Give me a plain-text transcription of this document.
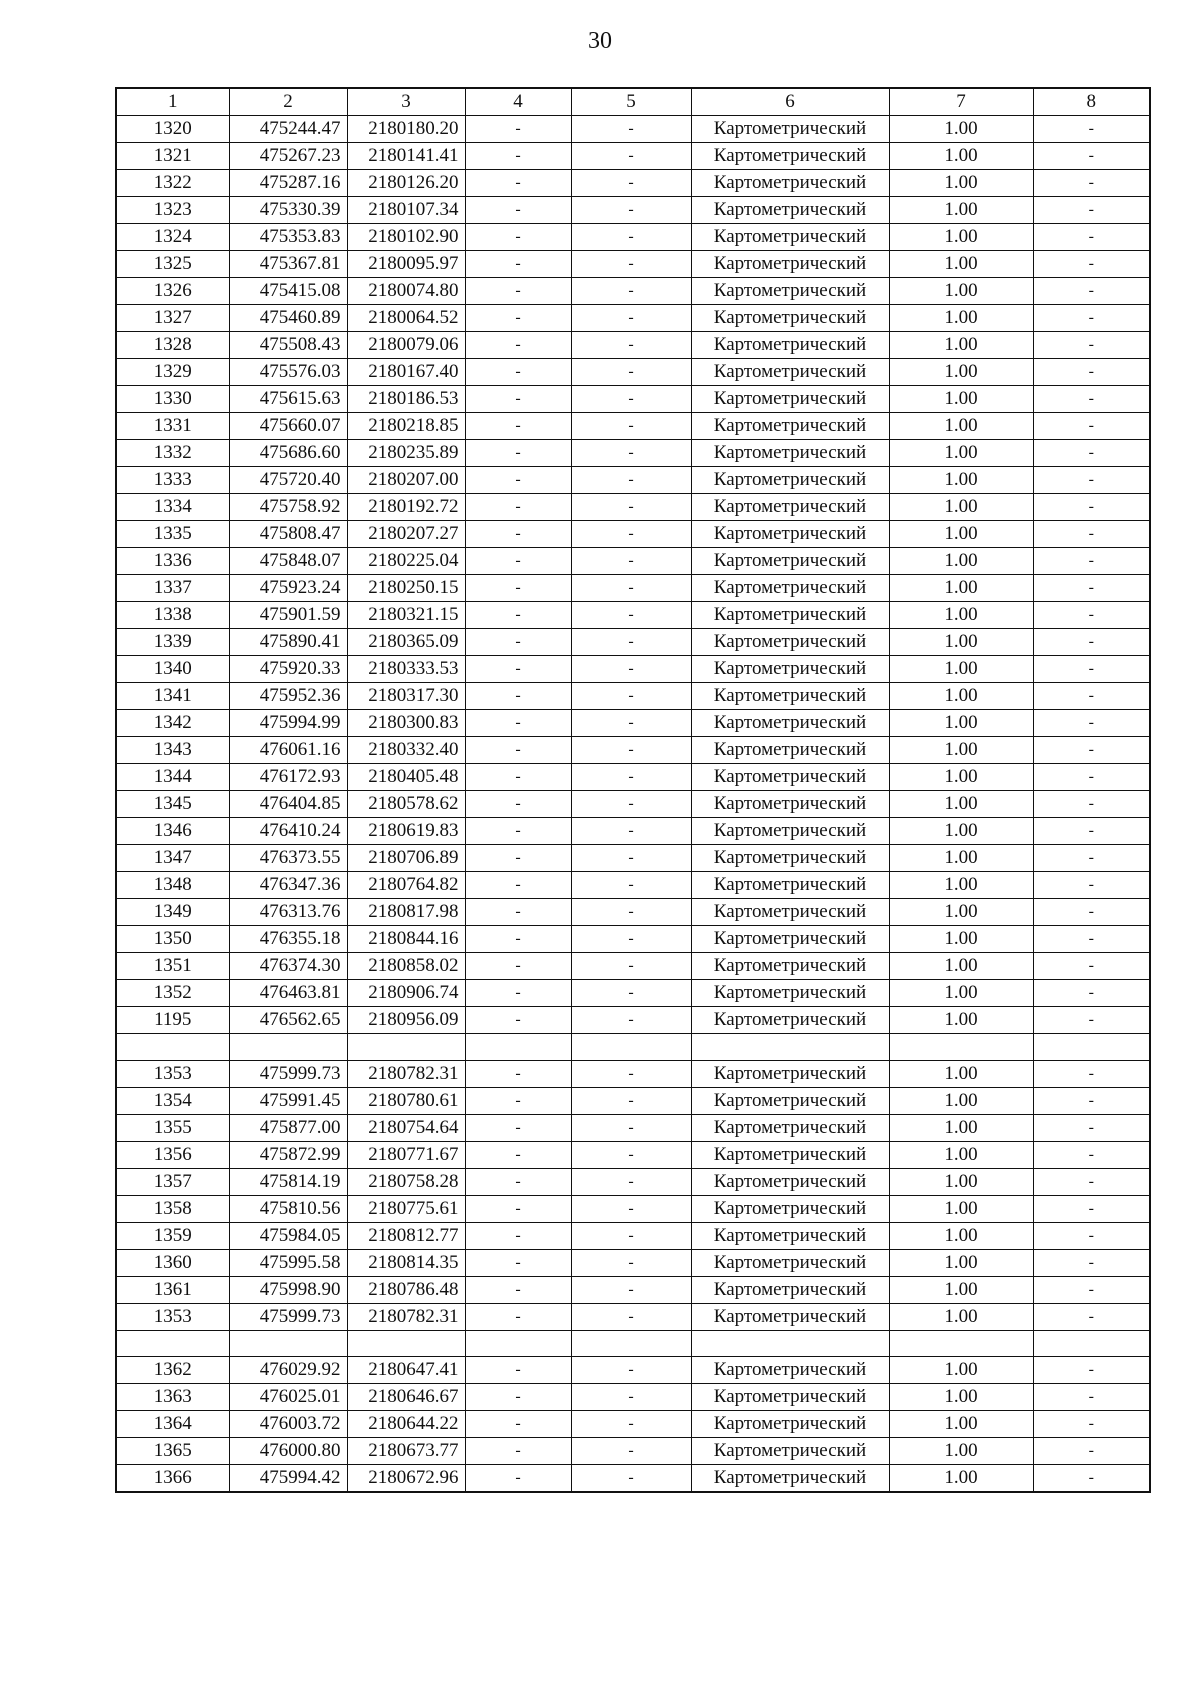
30
1	2	3	4	5	6	7	8
1320	475244.47	2180180.20	-	-	Картометрический	1.00	-
1321	475267.23	2180141.41	-	-	Картометрический	1.00	-
1322	475287.16	2180126.20	-	-	Картометрический	1.00	-
1323	475330.39	2180107.34	-	-	Картометрический	1.00	-
1324	475353.83	2180102.90	-	-	Картометрический	1.00	-
1325	475367.81	2180095.97	-	-	Картометрический	1.00	-
1326	475415.08	2180074.80	-	-	Картометрический	1.00	-
1327	475460.89	2180064.52	-	-	Картометрический	1.00	-
1328	475508.43	2180079.06	-	-	Картометрический	1.00	-
1329	475576.03	2180167.40	-	-	Картометрический	1.00	-
1330	475615.63	2180186.53	-	-	Картометрический	1.00	-
1331	475660.07	2180218.85	-	-	Картометрический	1.00	-
1332	475686.60	2180235.89	-	-	Картометрический	1.00	-
1333	475720.40	2180207.00	-	-	Картометрический	1.00	-
1334	475758.92	2180192.72	-	-	Картометрический	1.00	-
1335	475808.47	2180207.27	-	-	Картометрический	1.00	-
1336	475848.07	2180225.04	-	-	Картометрический	1.00	-
1337	475923.24	2180250.15	-	-	Картометрический	1.00	-
1338	475901.59	2180321.15	-	-	Картометрический	1.00	-
1339	475890.41	2180365.09	-	-	Картометрический	1.00	-
1340	475920.33	2180333.53	-	-	Картометрический	1.00	-
1341	475952.36	2180317.30	-	-	Картометрический	1.00	-
1342	475994.99	2180300.83	-	-	Картометрический	1.00	-
1343	476061.16	2180332.40	-	-	Картометрический	1.00	-
1344	476172.93	2180405.48	-	-	Картометрический	1.00	-
1345	476404.85	2180578.62	-	-	Картометрический	1.00	-
1346	476410.24	2180619.83	-	-	Картометрический	1.00	-
1347	476373.55	2180706.89	-	-	Картометрический	1.00	-
1348	476347.36	2180764.82	-	-	Картометрический	1.00	-
1349	476313.76	2180817.98	-	-	Картометрический	1.00	-
1350	476355.18	2180844.16	-	-	Картометрический	1.00	-
1351	476374.30	2180858.02	-	-	Картометрический	1.00	-
1352	476463.81	2180906.74	-	-	Картометрический	1.00	-
1195	476562.65	2180956.09	-	-	Картометрический	1.00	-

1353	475999.73	2180782.31	-	-	Картометрический	1.00	-
1354	475991.45	2180780.61	-	-	Картометрический	1.00	-
1355	475877.00	2180754.64	-	-	Картометрический	1.00	-
1356	475872.99	2180771.67	-	-	Картометрический	1.00	-
1357	475814.19	2180758.28	-	-	Картометрический	1.00	-
1358	475810.56	2180775.61	-	-	Картометрический	1.00	-
1359	475984.05	2180812.77	-	-	Картометрический	1.00	-
1360	475995.58	2180814.35	-	-	Картометрический	1.00	-
1361	475998.90	2180786.48	-	-	Картометрический	1.00	-
1353	475999.73	2180782.31	-	-	Картометрический	1.00	-

1362	476029.92	2180647.41	-	-	Картометрический	1.00	-
1363	476025.01	2180646.67	-	-	Картометрический	1.00	-
1364	476003.72	2180644.22	-	-	Картометрический	1.00	-
1365	476000.80	2180673.77	-	-	Картометрический	1.00	-
1366	475994.42	2180672.96	-	-	Картометрический	1.00	-
